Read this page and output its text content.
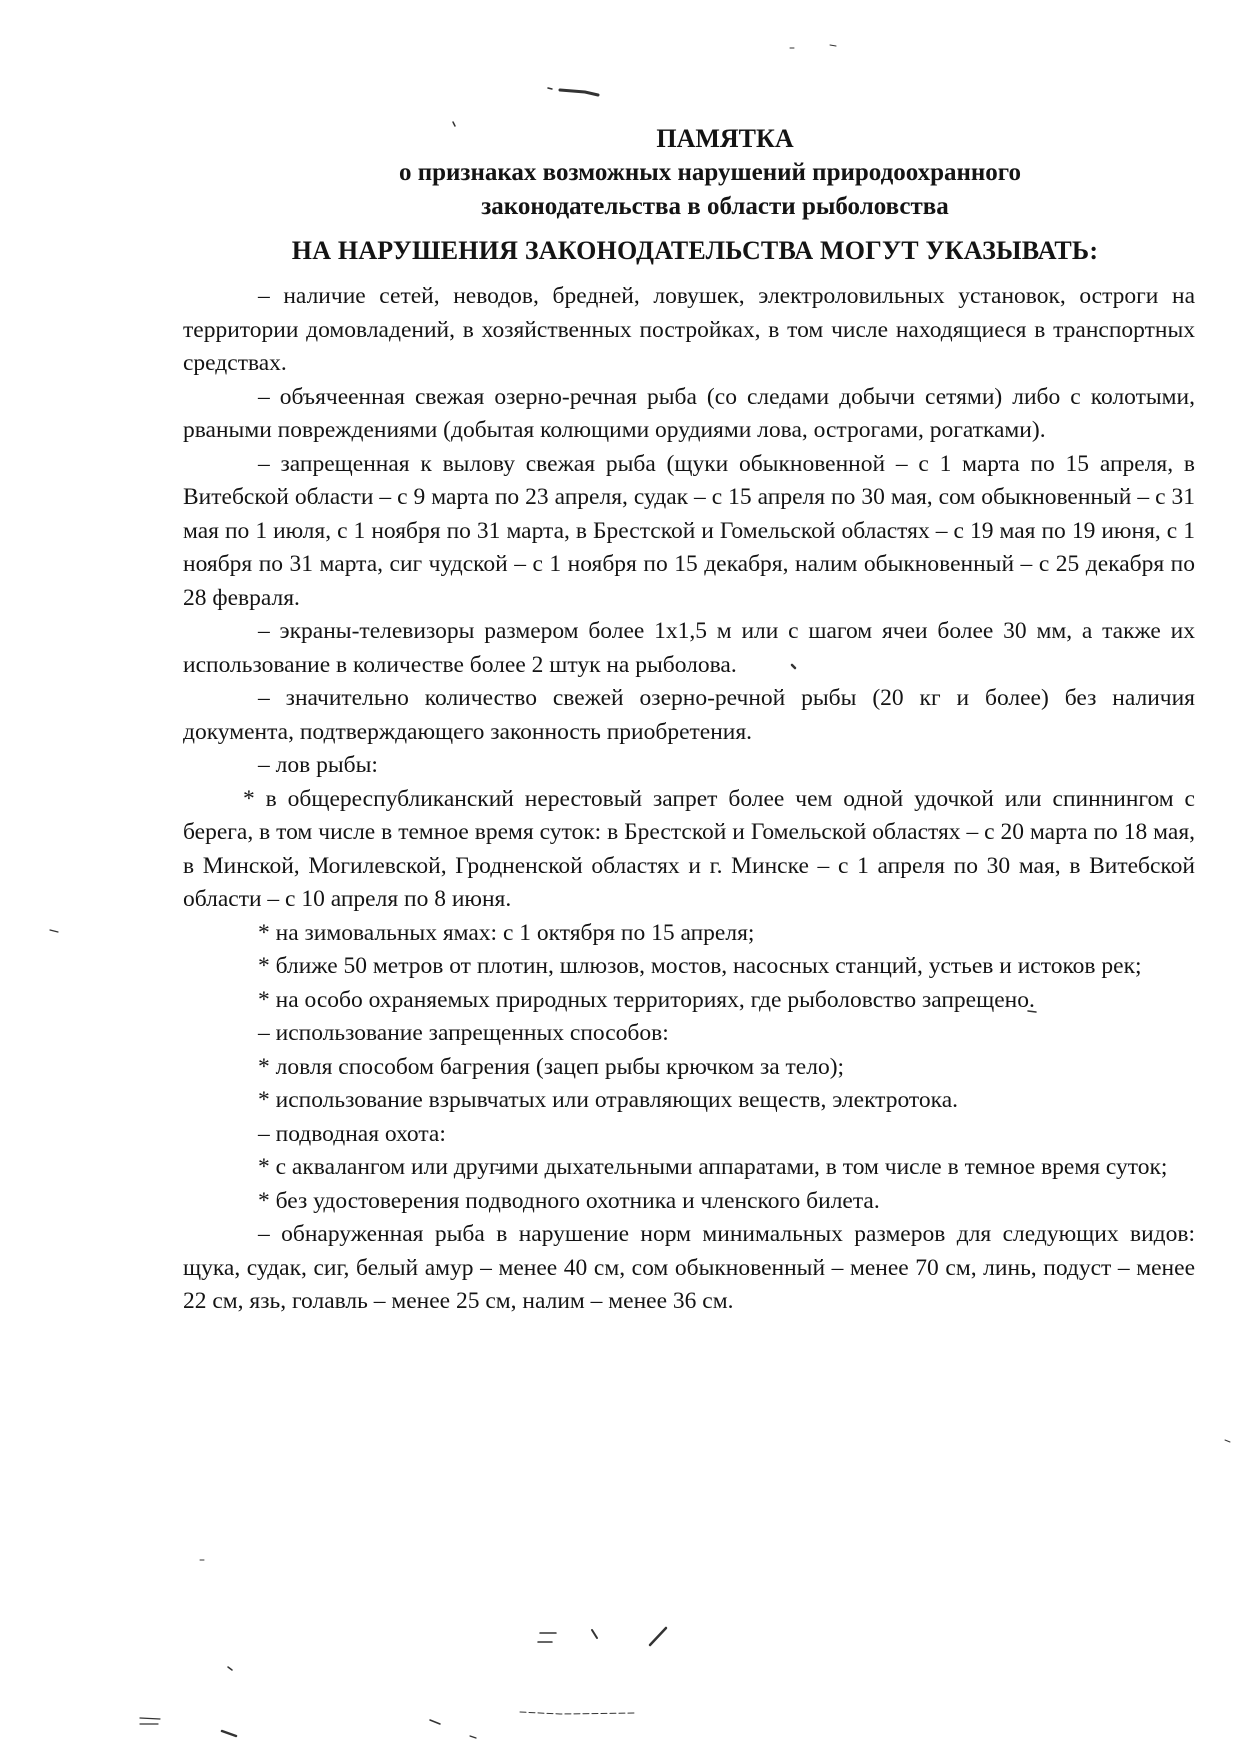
ПАМЯТКА
о признаках возможных нарушений природоохранного
законодательства в области рыболовства
НА НАРУШЕНИЯ ЗАКОНОДАТЕЛЬСТВА МОГУТ УКАЗЫВАТЬ:

– наличие сетей, неводов, бредней, ловушек, электроловильных установок, остроги на территории домовладений, в хозяйственных постройках, в том числе находящиеся в транспортных средствах.

– объячеенная свежая озерно-речная рыба (со следами добычи сетями) либо с колотыми, рваными повреждениями (добытая колющими орудиями лова, острогами, рогатками).

– запрещенная к вылову свежая рыба (щуки обыкновенной – с 1 марта по 15 апреля, в Витебской области – с 9 марта по 23 апреля, судак – с 15 апреля по 30 мая, сом обыкновенный – с 31 мая по 1 июля, с 1 ноября по 31 марта, в Брестской и Гомельской областях – с 19 мая по 19 июня, с 1 ноября по 31 марта, сиг чудской – с 1 ноября по 15 декабря, налим обыкновенный – с 25 декабря по 28 февраля.

– экраны-телевизоры размером более 1х1,5 м или с шагом ячеи более 30 мм, а также их использование в количестве более 2 штук на рыболова.

– значительно количество свежей озерно-речной рыбы (20 кг и более) без наличия документа, подтверждающего законность приобретения.

– лов рыбы:

* в общереспубликанский нерестовый запрет более чем одной удочкой или спиннингом с берега, в том числе в темное время суток: в Брестской и Гомельской областях – с 20 марта по 18 мая, в Минской, Могилевской, Гродненской областях и г. Минске – с 1 апреля по 30 мая, в Витебской области – с 10 апреля по 8 июня.

* на зимовальных ямах: с 1 октября по 15 апреля;

* ближе 50 метров от плотин, шлюзов, мостов, насосных станций, устьев и истоков рек;

* на особо охраняемых природных территориях, где рыболовство запрещено.

– использование запрещенных способов:

* ловля способом багрения (зацеп рыбы крючком за тело);

* использование взрывчатых или отравляющих веществ, электротока.

– подводная охота:

* с аквалангом или другими дыхательными аппаратами, в том числе в темное время суток;

* без удостоверения подводного охотника и членского билета.

– обнаруженная рыба в нарушение норм минимальных размеров для следующих видов: щука, судак, сиг, белый амур – менее 40 см, сом обыкновенный – менее 70 см, линь, подуст – менее 22 см, язь, голавль – менее 25 см, налим – менее 36 см.
